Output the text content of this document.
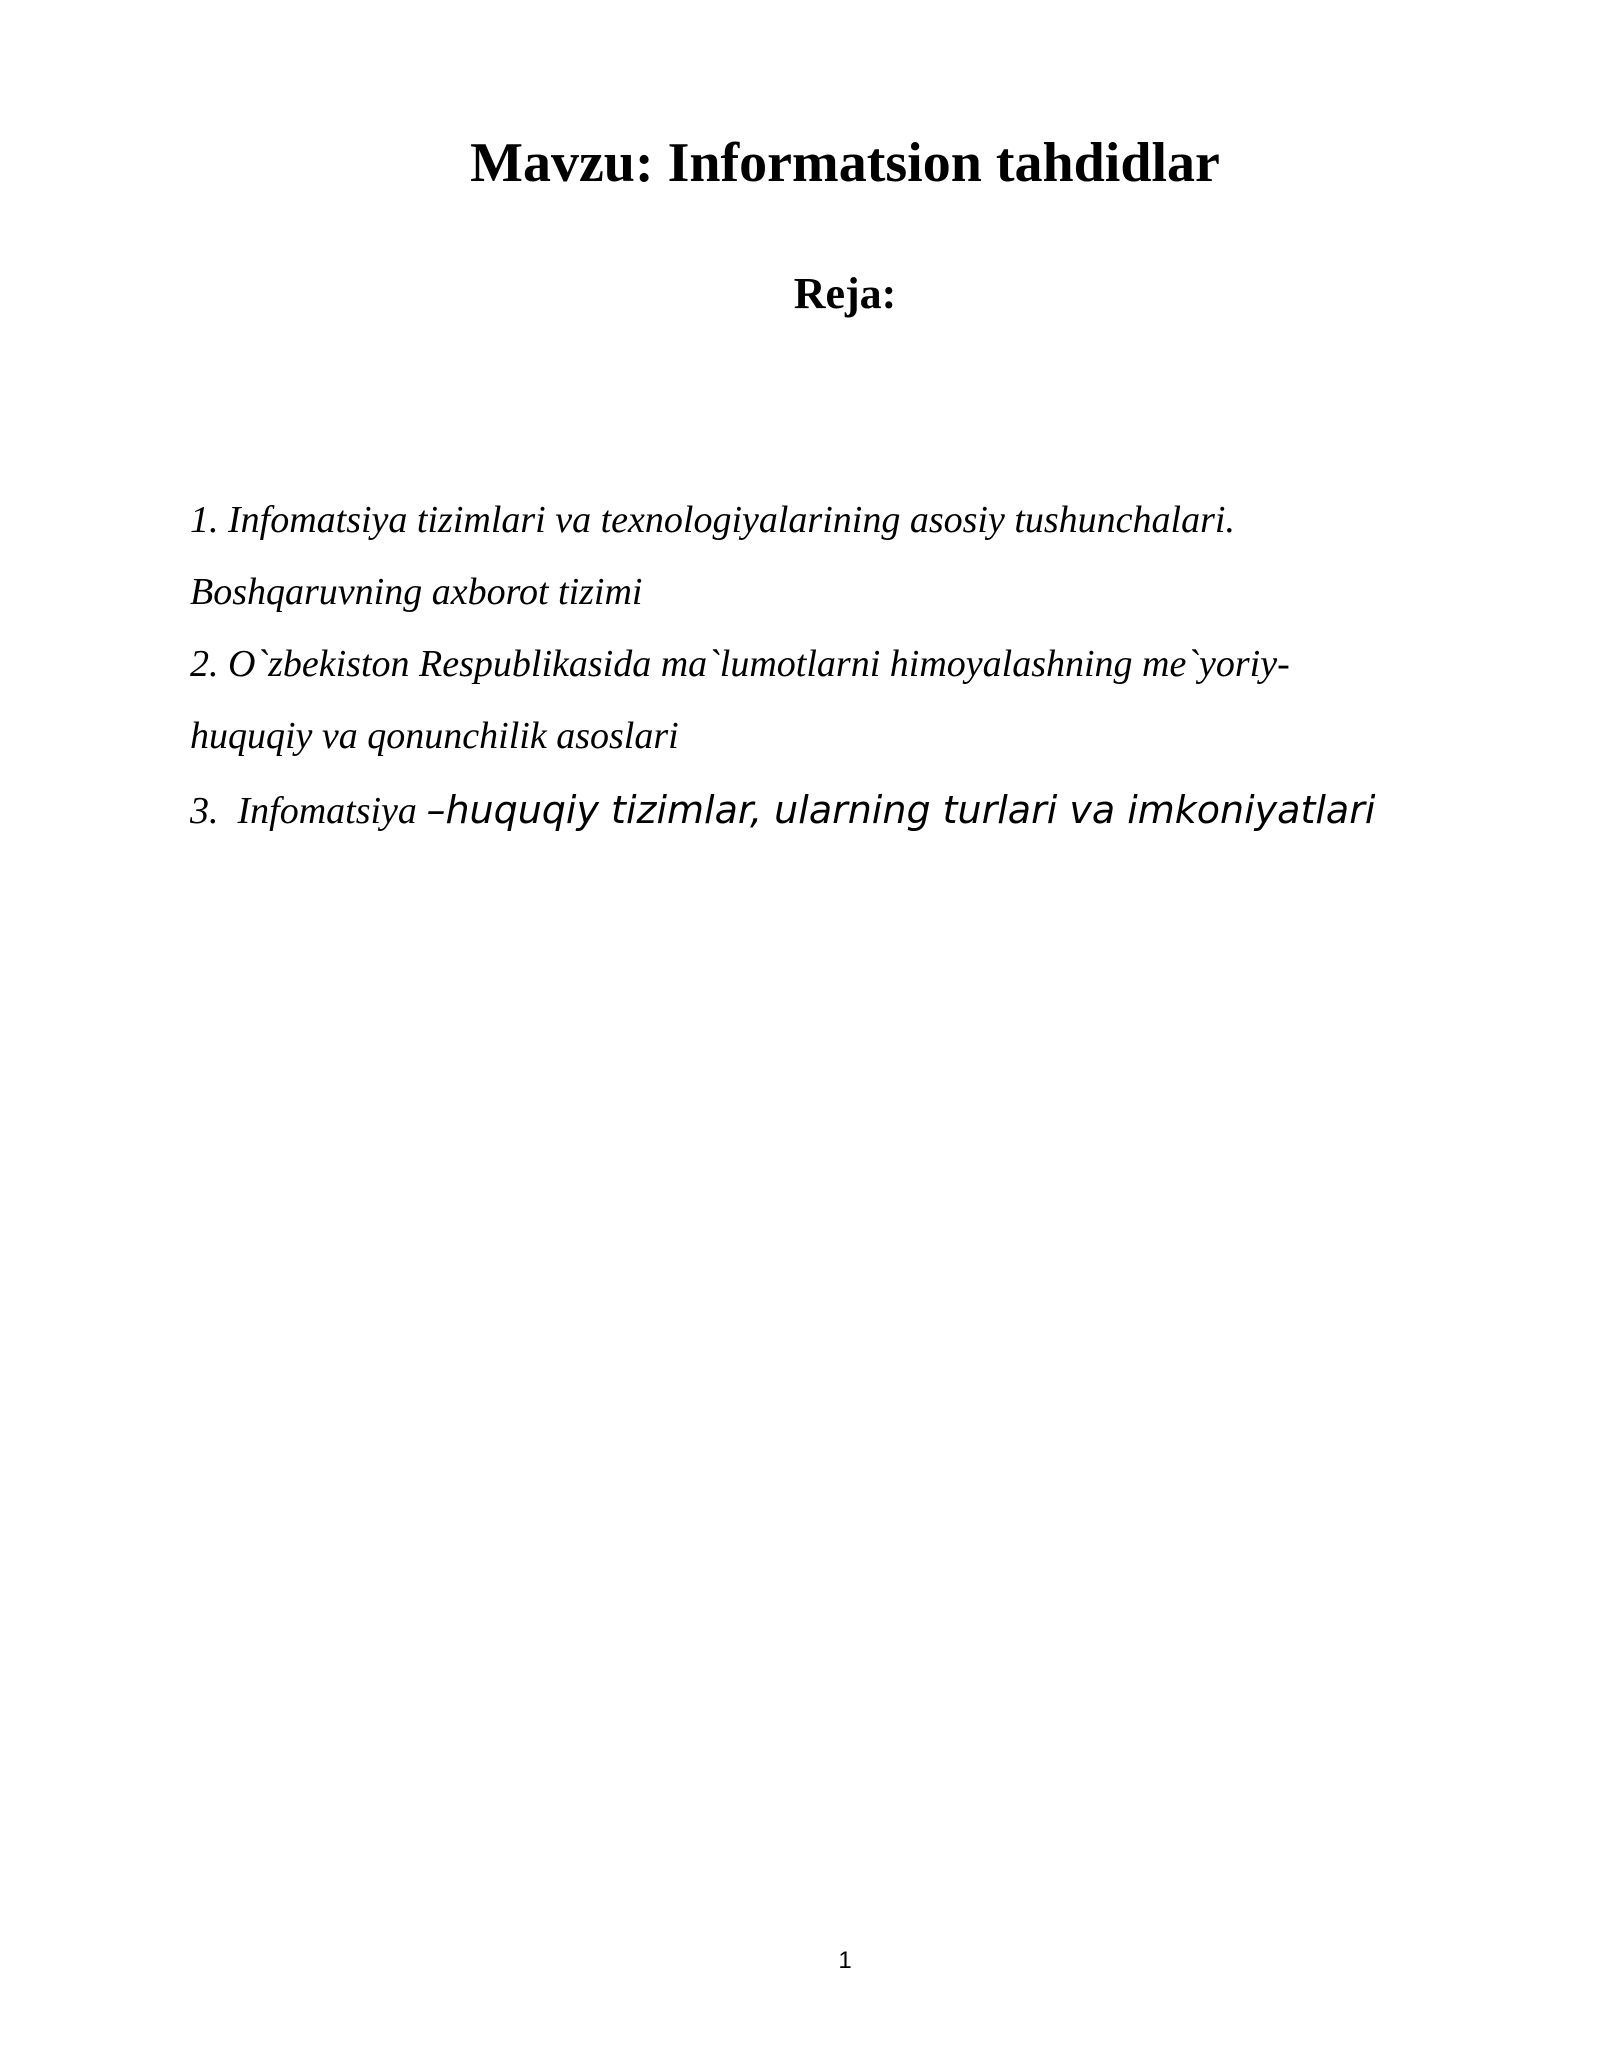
Mavzu: Informatsion tahdidlar
Reja:
1. Infomatsiya tizimlari va texnologiyalarining asosiy tushunchalari.
Boshqaruvning axborot tizimi
2. O`zbekiston Respublikasida ma`lumotlarni himoyalashning me`yoriy-
huquqiy va qonunchilik asoslari
3.  Infomatsiya –huquqiy tizimlar, ularning turlari va imkoniyatlari
1
